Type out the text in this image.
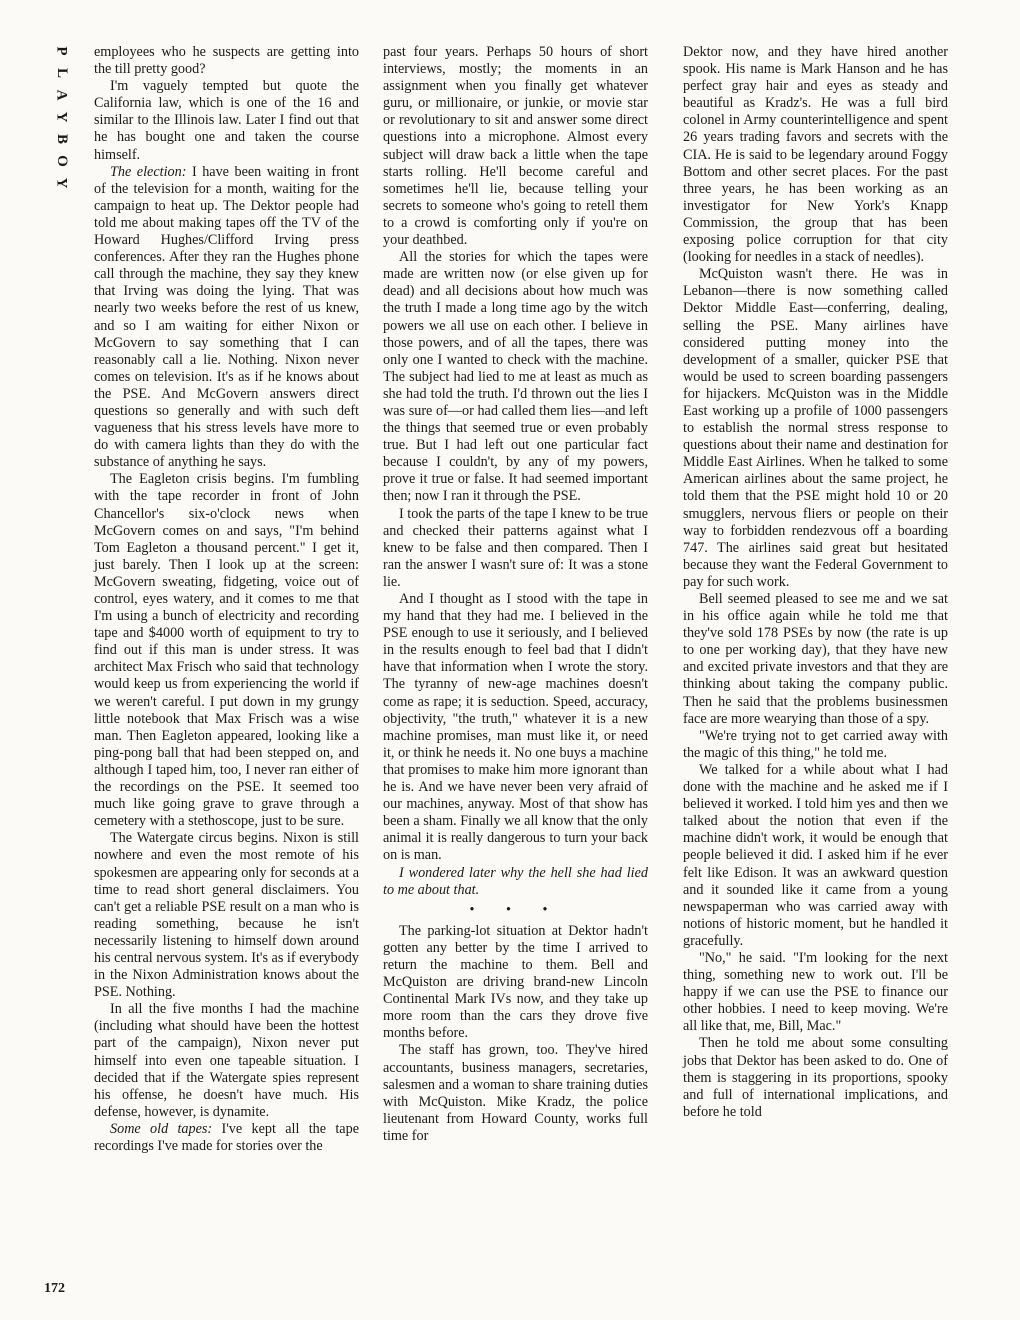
P
L
A
Y
B
O
Y

employees who he suspects are getting into the till pretty good?

I'm vaguely tempted but quote the California law, which is one of the 16 and similar to the Illinois law. Later I find out that he has bought one and taken the course himself.

The election: I have been waiting in front of the television for a month, waiting for the campaign to heat up. The Dektor people had told me about making tapes off the TV of the Howard Hughes/Clifford Irving press conferences. After they ran the Hughes phone call through the machine, they say they knew that Irving was doing the lying. That was nearly two weeks before the rest of us knew, and so I am waiting for either Nixon or McGovern to say something that I can reasonably call a lie. Nothing. Nixon never comes on television. It's as if he knows about the PSE. And McGovern answers direct questions so generally and with such deft vagueness that his stress levels have more to do with camera lights than they do with the substance of anything he says.

The Eagleton crisis begins. I'm fumbling with the tape recorder in front of John Chancellor's six-o'clock news when McGovern comes on and says, "I'm behind Tom Eagleton a thousand percent." I get it, just barely. Then I look up at the screen: McGovern sweating, fidgeting, voice out of control, eyes watery, and it comes to me that I'm using a bunch of electricity and recording tape and $4000 worth of equipment to try to find out if this man is under stress. It was architect Max Frisch who said that technology would keep us from experiencing the world if we weren't careful. I put down in my grungy little notebook that Max Frisch was a wise man. Then Eagleton appeared, looking like a ping-pong ball that had been stepped on, and although I taped him, too, I never ran either of the recordings on the PSE. It seemed too much like going grave to grave through a cemetery with a stethoscope, just to be sure.

The Watergate circus begins. Nixon is still nowhere and even the most remote of his spokesmen are appearing only for seconds at a time to read short general disclaimers. You can't get a reliable PSE result on a man who is reading something, because he isn't necessarily listening to himself down around his central nervous system. It's as if everybody in the Nixon Administration knows about the PSE. Nothing.

In all the five months I had the machine (including what should have been the hottest part of the campaign), Nixon never put himself into even one tapeable situation. I decided that if the Watergate spies represent his offense, he doesn't have much. His defense, however, is dynamite.

Some old tapes: I've kept all the tape recordings I've made for stories over the

past four years. Perhaps 50 hours of short interviews, mostly; the moments in an assignment when you finally get whatever guru, or millionaire, or junkie, or movie star or revolutionary to sit and answer some direct questions into a microphone. Almost every subject will draw back a little when the tape starts rolling. He'll become careful and sometimes he'll lie, because telling your secrets to someone who's going to retell them to a crowd is comforting only if you're on your deathbed.

All the stories for which the tapes were made are written now (or else given up for dead) and all decisions about how much was the truth I made a long time ago by the witch powers we all use on each other. I believe in those powers, and of all the tapes, there was only one I wanted to check with the machine. The subject had lied to me at least as much as she had told the truth. I'd thrown out the lies I was sure of—or had called them lies—and left the things that seemed true or even probably true. But I had left out one particular fact because I couldn't, by any of my powers, prove it true or false. It had seemed important then; now I ran it through the PSE.

I took the parts of the tape I knew to be true and checked their patterns against what I knew to be false and then compared. Then I ran the answer I wasn't sure of: It was a stone lie.

And I thought as I stood with the tape in my hand that they had me. I believed in the PSE enough to use it seriously, and I believed in the results enough to feel bad that I didn't have that information when I wrote the story. The tyranny of new-age machines doesn't come as rape; it is seduction. Speed, accuracy, objectivity, "the truth," whatever it is a new machine promises, man must like it, or need it, or think he needs it. No one buys a machine that promises to make him more ignorant than he is. And we have never been very afraid of our machines, anyway. Most of that show has been a sham. Finally we all know that the only animal it is really dangerous to turn your back on is man.

I wondered later why the hell she had lied to me about that.

• • •

The parking-lot situation at Dektor hadn't gotten any better by the time I arrived to return the machine to them. Bell and McQuiston are driving brand-new Lincoln Continental Mark IVs now, and they take up more room than the cars they drove five months before.

The staff has grown, too. They've hired accountants, business managers, secretaries, salesmen and a woman to share training duties with McQuiston. Mike Kradz, the police lieutenant from Howard County, works full time for

Dektor now, and they have hired another spook. His name is Mark Hanson and he has perfect gray hair and eyes as steady and beautiful as Kradz's. He was a full bird colonel in Army counterintelligence and spent 26 years trading favors and secrets with the CIA. He is said to be legendary around Foggy Bottom and other secret places. For the past three years, he has been working as an investigator for New York's Knapp Commission, the group that has been exposing police corruption for that city (looking for needles in a stack of needles).

McQuiston wasn't there. He was in Lebanon—there is now something called Dektor Middle East—conferring, dealing, selling the PSE. Many airlines have considered putting money into the development of a smaller, quicker PSE that would be used to screen boarding passengers for hijackers. McQuiston was in the Middle East working up a profile of 1000 passengers to establish the normal stress response to questions about their name and destination for Middle East Airlines. When he talked to some American airlines about the same project, he told them that the PSE might hold 10 or 20 smugglers, nervous fliers or people on their way to forbidden rendezvous off a boarding 747. The airlines said great but hesitated because they want the Federal Government to pay for such work.

Bell seemed pleased to see me and we sat in his office again while he told me that they've sold 178 PSEs by now (the rate is up to one per working day), that they have new and excited private investors and that they are thinking about taking the company public. Then he said that the problems businessmen face are more wearying than those of a spy.

"We're trying not to get carried away with the magic of this thing," he told me.

We talked for a while about what I had done with the machine and he asked me if I believed it worked. I told him yes and then we talked about the notion that even if the machine didn't work, it would be enough that people believed it did. I asked him if he ever felt like Edison. It was an awkward question and it sounded like it came from a young newspaperman who was carried away with notions of historic moment, but he handled it gracefully.

"No," he said. "I'm looking for the next thing, something new to work out. I'll be happy if we can use the PSE to finance our other hobbies. I need to keep moving. We're all like that, me, Bill, Mac."

Then he told me about some consulting jobs that Dektor has been asked to do. One of them is staggering in its proportions, spooky and full of international implications, and before he told

172
